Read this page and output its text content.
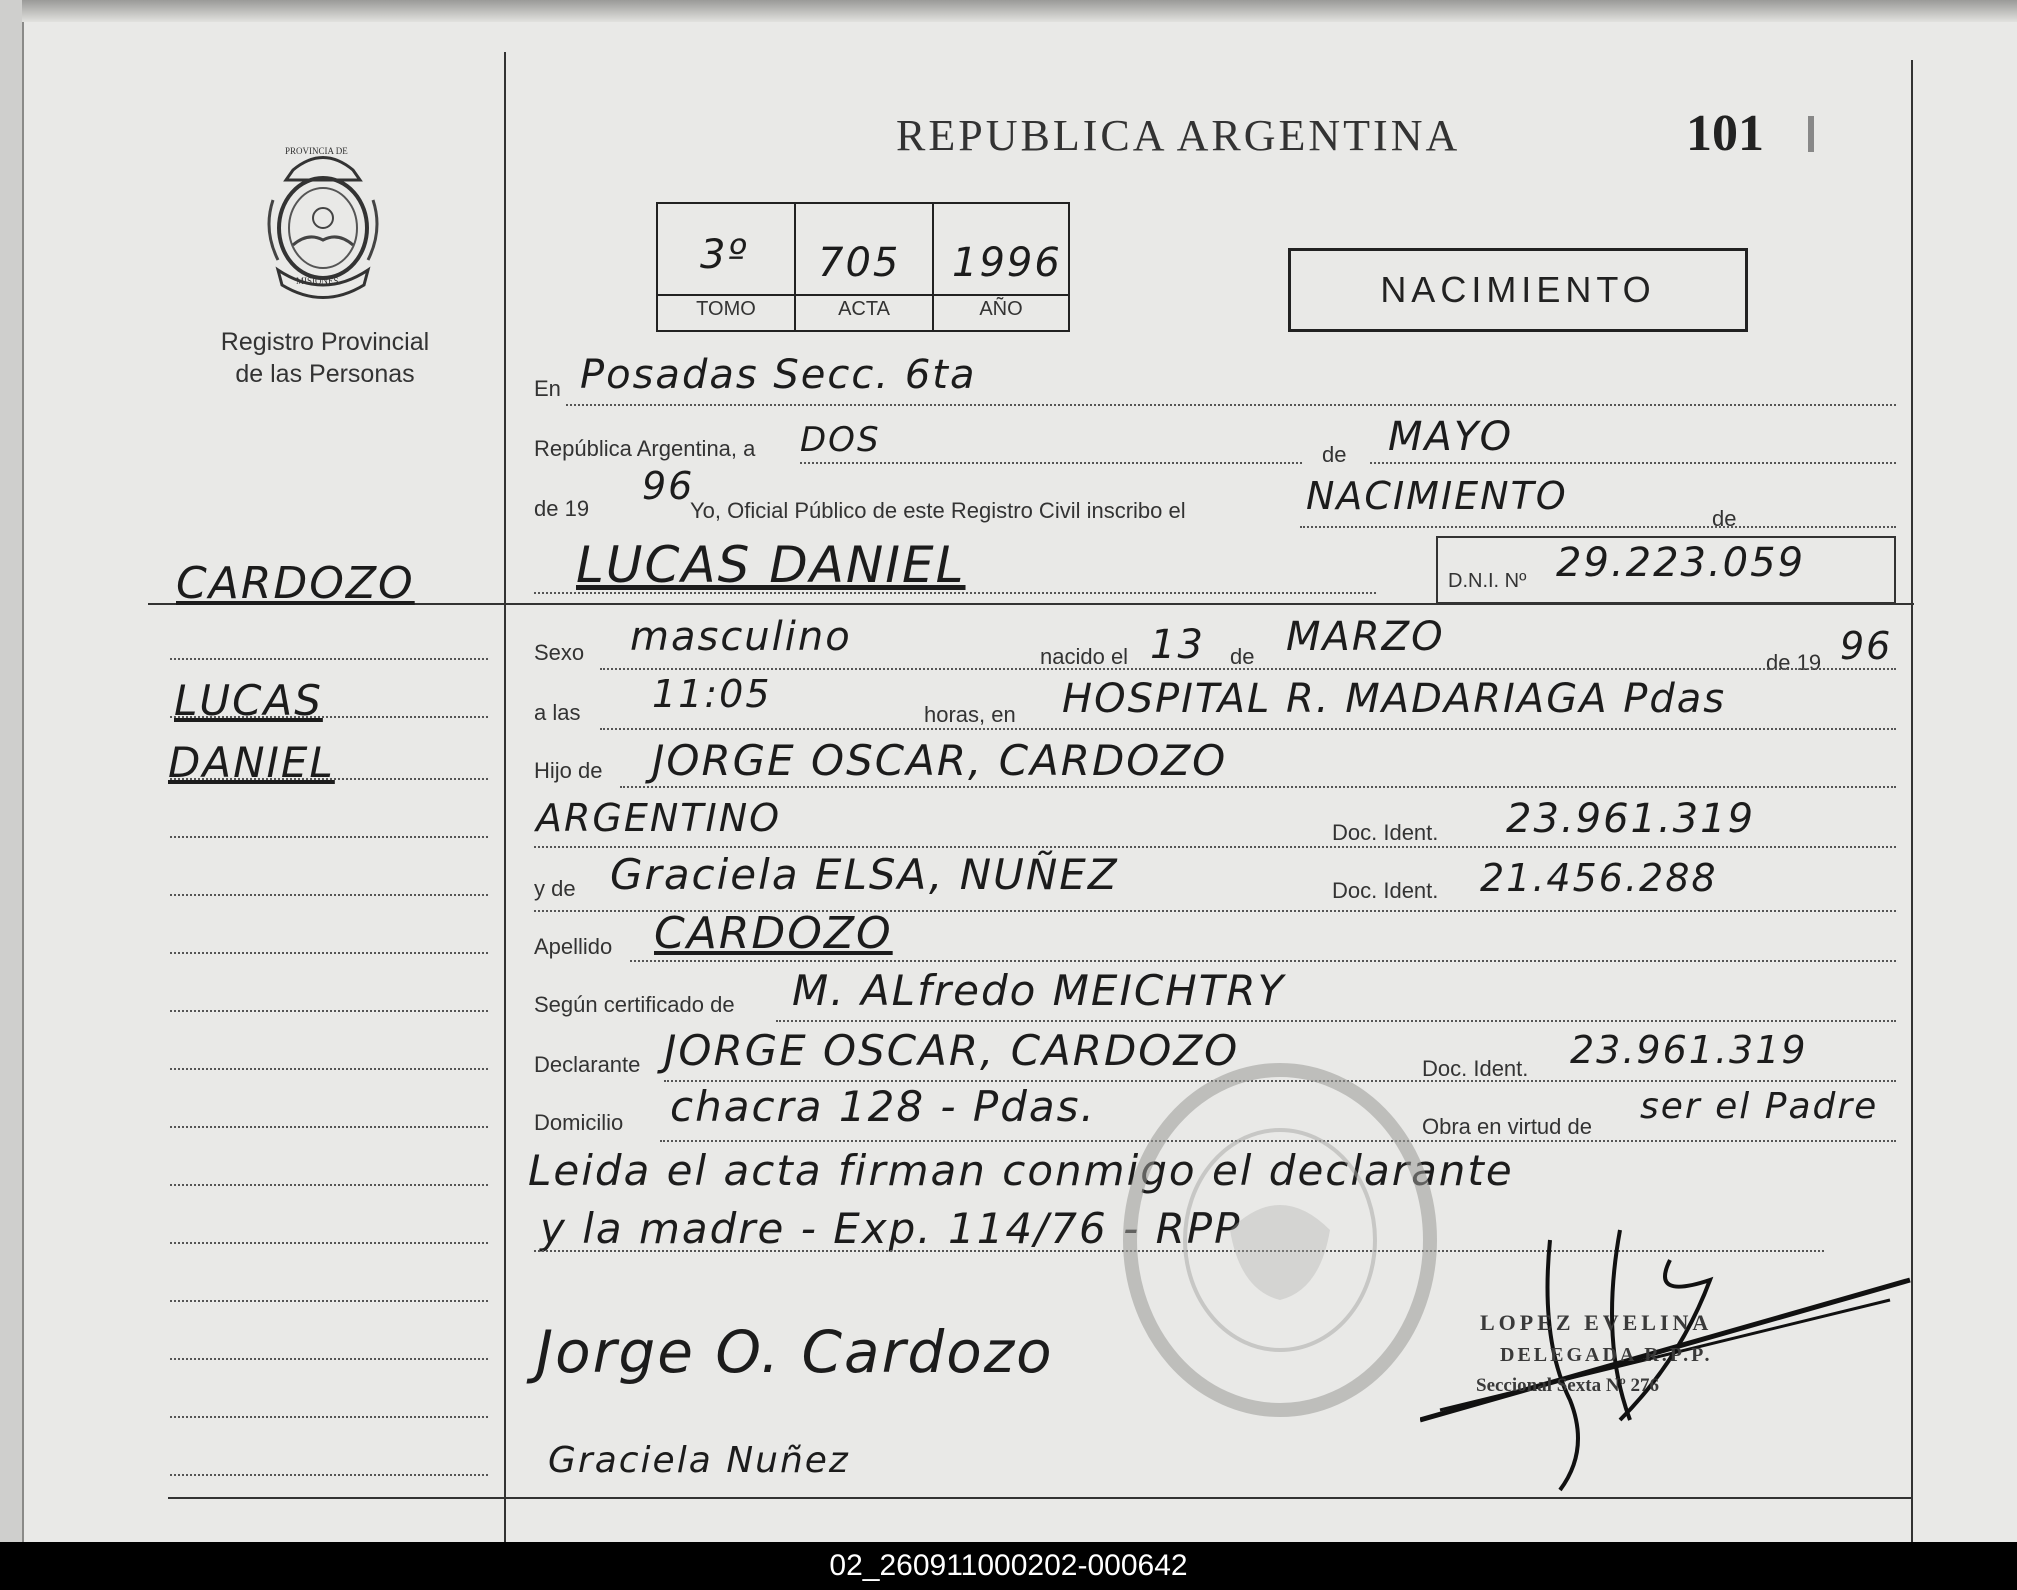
PROVINCIA DE
MISIONES
Registro Provincial
de las Personas
REPUBLICA ARGENTINA	101
3º 705 1996
TOMO	ACTA	AÑO	NACIMIENTO
CARDOZO
LUCAS
DANIEL
En Posadas Secc. 6ta
República Argentina, a DOS	de MAYO
de 19
96
Yo, Oficial Público de este Registro Civil inscribo el	NACIMIENTO
de
LUCAS DANIEL	D.N.I. Nº 29.223.059
Sexo masculino	nacido el 13 de MARZO
de 19 96
a las 11:05	horas, en HOSPITAL R. MADARIAGA Pdas
Hijo de JORGE OSCAR, CARDOZO
ARGENTINO	Doc. Ident. 23.961.319
y de Graciela ELSA, NUÑEZ	Doc. Ident. 21.456.288
Apellido CARDOZO
Según certificado de M. ALfredo MEICHTRY
Declarante JORGE OSCAR, CARDOZO	Doc. Ident. 23.961.319
Domicilio chacra 128 - Pdas.	Obra en virtud de ser el Padre
Leida el acta firman conmigo el declarante
y la madre - Exp. 114/76 - RPP
Jorge O. Cardozo
Graciela Nuñez
LOPEZ EVELINA
DELEGADA R.P.P.
Seccional Sexta Nº 276
02_260911000202-000642
